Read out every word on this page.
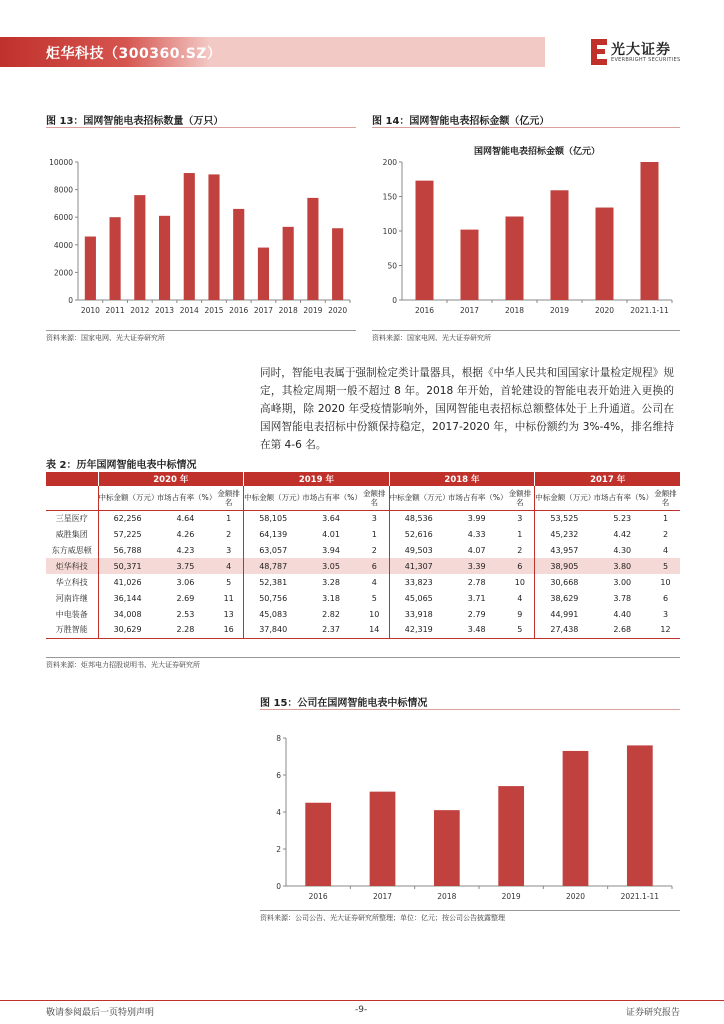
炬华科技（300360.SZ）	光大证券
EVERBRIGHT SECURITIES
图 13：国网智能电表招标数量（万只）
0
2000
4000
6000
8000
10000
2010 2011 2012 2013 2014 2015 2016 2017 2018 2019 2020
资料来源：国家电网、光大证券研究所
图 14：国网智能电表招标金额（亿元）
国网智能电表招标金额（亿元）
0
50
100
150
200
2016	2017	2018	2019	2020 2021.1-11
资料来源：国家电网、光大证券研究所
同时，智能电表属于强制检定类计量器具，根据《中华人民共和国国家计量检定规程》规定，其检定周期一般不超过 8 年。2018 年开始，首轮建设的智能电表开始进入更换的高峰期，除 2020 年受疫情影响外，国网智能电表招标总额整体处于上升通道。公司在国网智能电表招标中份额保持稳定，2017-2020 年，中标份额约为 3%-4%，排名维持在第 4-6 名。
表 2：历年国网智能电表中标情况
	2020 年			2019 年			2018 年			2017 年		
	中标金额（万元）	市场占有率（%）	金额排名	中标金额（万元）	市场占有率（%）	金额排名	中标金额（万元）	市场占有率（%）	金额排名	中标金额（万元）	市场占有率（%）	金额排名
三星医疗	62,256	4.64	1	58,105	3.64	3	48,536	3.99	3	53,525	5.23	1
威胜集团	57,225	4.26	2	64,139	4.01	1	52,616	4.33	1	45,232	4.42	2
东方威思顿	56,788	4.23	3	63,057	3.94	2	49,503	4.07	2	43,957	4.30	4
炬华科技	50,371	3.75	4	48,787	3.05	6	41,307	3.39	6	38,905	3.80	5
华立科技	41,026	3.06	5	52,381	3.28	4	33,823	2.78	10	30,668	3.00	10
河南许继	36,144	2.69	11	50,756	3.18	5	45,065	3.71	4	38,629	3.78	6
中电装备	34,008	2.53	13	45,083	2.82	10	33,918	2.79	9	44,991	4.40	3
万胜智能	30,629	2.28	16	37,840	2.37	14	42,319	3.48	5	27,438	2.68	12
资料来源：炬邦电力招股说明书、光大证券研究所
图 15：公司在国网智能电表中标情况
0
2
4
6
8
2016	2017	2018	2019	2020	2021.1-11
资料来源：公司公告、光大证券研究所整理；单位：亿元；按公司公告披露整理
敬请参阅最后一页特别声明	-9-	证券研究报告
